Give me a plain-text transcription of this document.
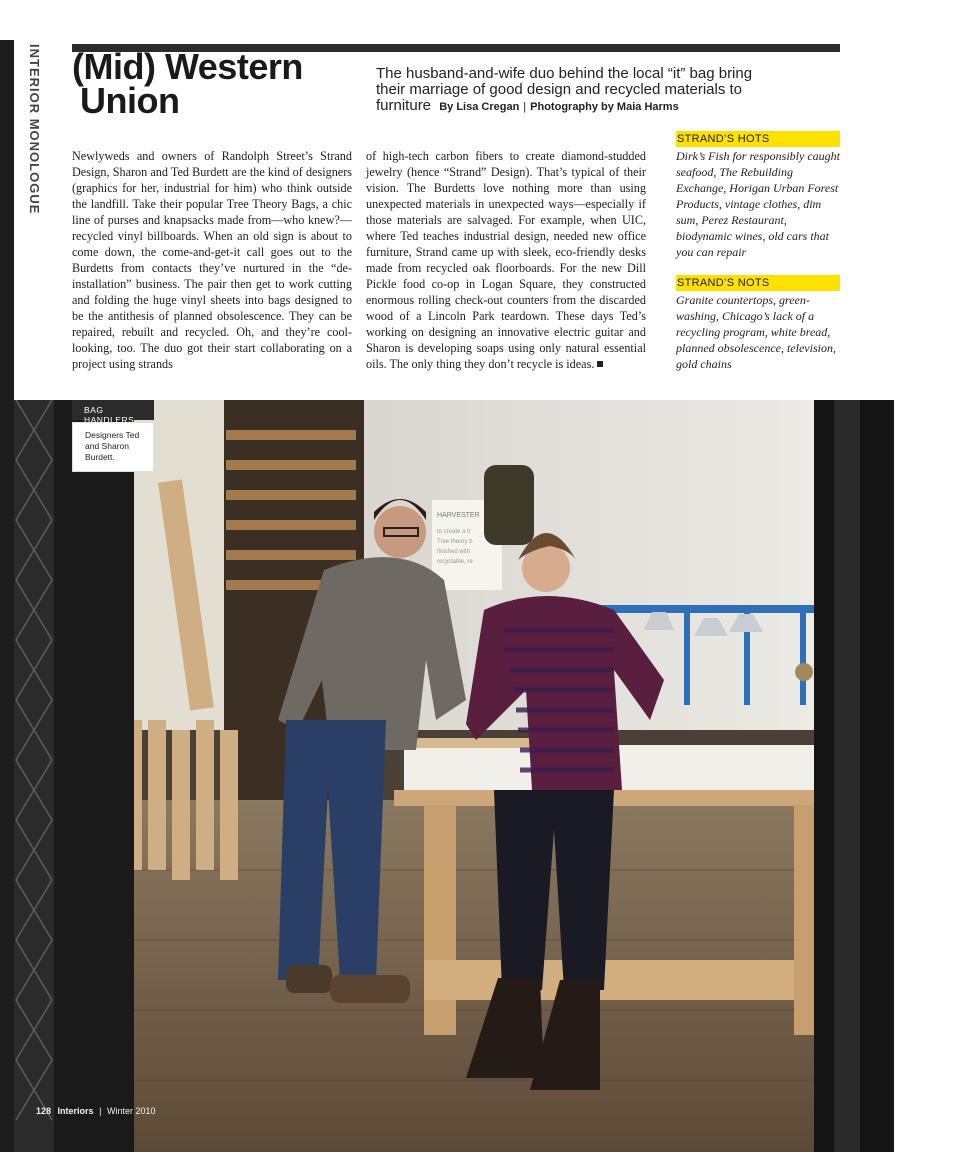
INTERIOR MONOLOGUE (Mid) Western
Union
The husband-and-wife duo behind the local “it” bag bring their marriage of good design and recycled materials to furniture By Lisa Cregan | Photography by Maia Harms

Newlyweds and owners of Randolph Street’s Strand Design, Sharon and Ted Burdett are the kind of designers (graphics for her, industrial for him) who think outside the landfill. Take their popular Tree Theory Bags, a chic line of purses and knapsacks made from—who knew?—recycled vinyl billboards. When an old sign is about to come down, the come-and-get-it call goes out to the Burdetts from contacts they’ve nurtured in the “de-installation” business. The pair then get to work cutting and folding the huge vinyl sheets into bags designed to be the antithesis of planned obsolescence. They can be repaired, rebuilt and recycled. Oh, and they’re cool-looking, too. The duo got their start collaborating on a project using strands

of high-tech carbon fibers to create diamond-studded jewelry (hence “Strand” Design). That’s typical of their vision. The Burdetts love nothing more than using unexpected materials in unexpected ways—especially if those materials are salvaged. For example, when UIC, where Ted teaches industrial design, needed new office furniture, Strand came up with sleek, eco-friendly desks made from recycled oak floorboards. For the new Dill Pickle food co-op in Logan Square, they constructed enormous rolling check-out counters from the discarded wood of a Lincoln Park teardown. These days Ted’s working on designing an innovative electric guitar and Sharon is developing soaps using only natural essential oils. The only thing they don’t recycle is ideas.

STRAND’S HOTS

Dirk’s Fish for responsibly caught seafood, The Rebuilding Exchange, Horigan Urban Forest Products, vintage clothes, dim sum, Perez Restaurant, biodynamic wines, old cars that you can repair

STRAND’S NOTS

Granite countertops, green-washing, Chicago’s lack of a recycling program, white bread, planned obsolescence, television, gold chains

HARVESTER
to create a tr
Tree theory b
finished with
recyclable, re
BAG HANDLERS
Designers Ted and Sharon Burdett.
128 Interiors | Winter 2010
